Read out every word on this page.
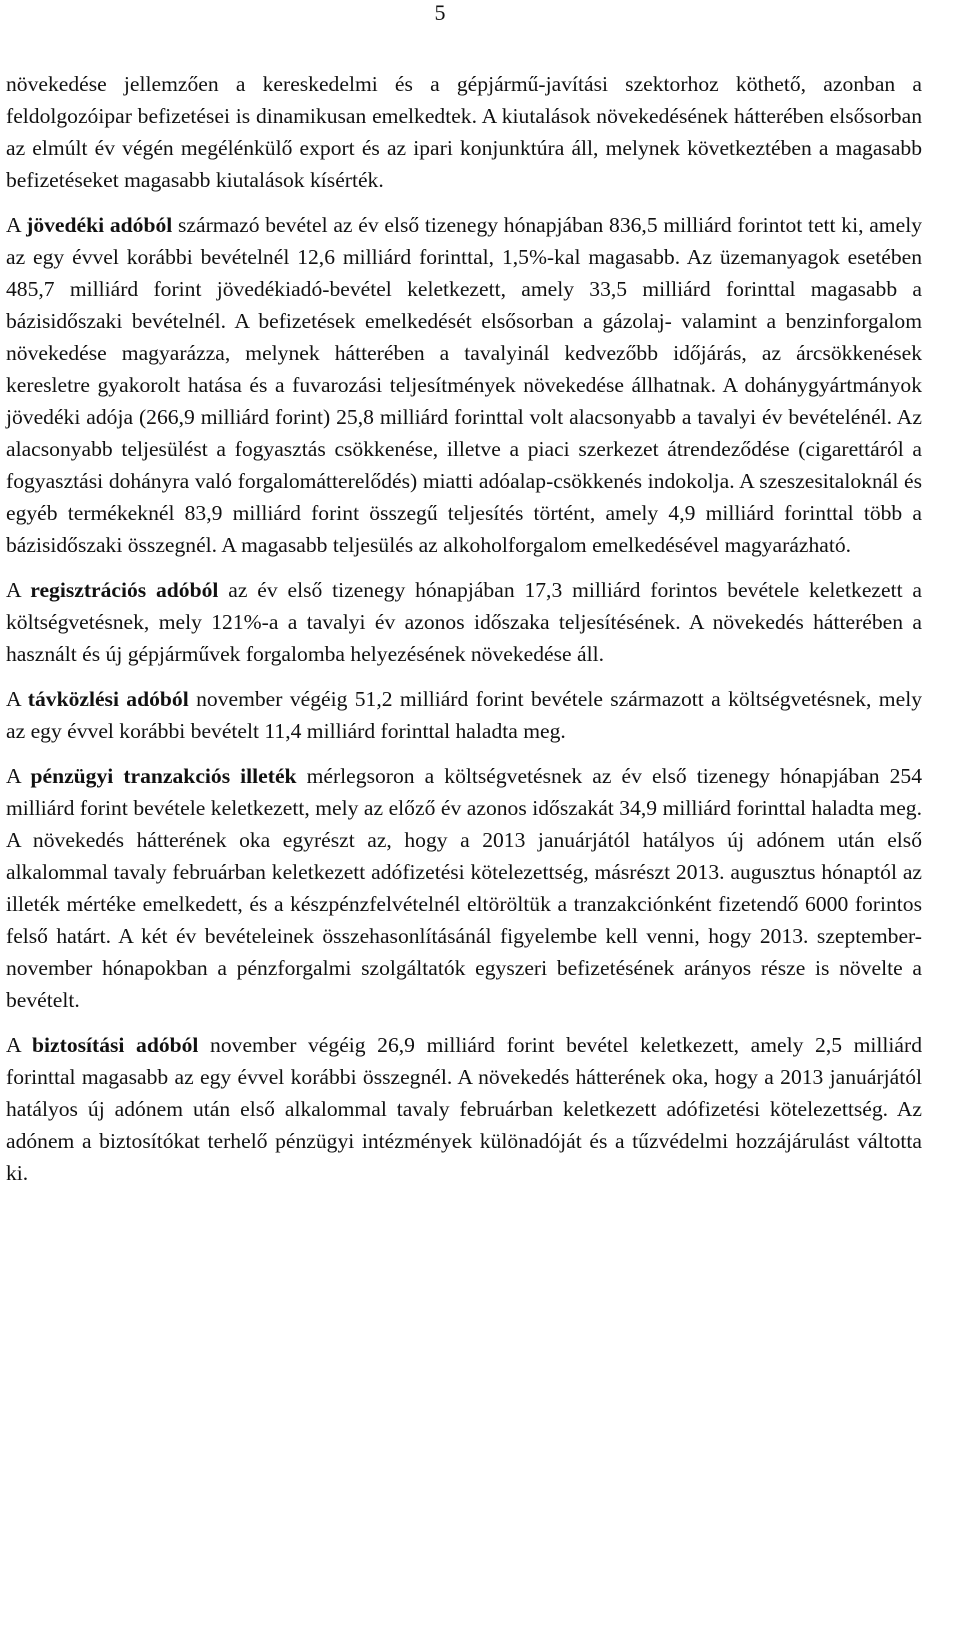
5

növekedése jellemzően a kereskedelmi és a gépjármű-javítási szektorhoz köthető, azonban a feldolgozóipar befizetései is dinamikusan emelkedtek. A kiutalások növekedésének hátterében elsősorban az elmúlt év végén megélénkülő export és az ipari konjunktúra áll, melynek következtében a magasabb befizetéseket magasabb kiutalások kísérték.

A jövedéki adóból származó bevétel az év első tizenegy hónapjában 836,5 milliárd forintot tett ki, amely az egy évvel korábbi bevételnél 12,6 milliárd forinttal, 1,5%-kal magasabb. Az üzemanyagok esetében 485,7 milliárd forint jövedékiadó-bevétel keletkezett, amely 33,5 milliárd forinttal magasabb a bázisidőszaki bevételnél. A befizetések emelkedését elsősorban a gázolaj- valamint a benzinforgalom növekedése magyarázza, melynek hátterében a tavalyinál kedvezőbb időjárás, az árcsökkenések keresletre gyakorolt hatása és a fuvarozási teljesítmények növekedése állhatnak. A dohánygyártmányok jövedéki adója (266,9 milliárd forint) 25,8 milliárd forinttal volt alacsonyabb a tavalyi év bevételénél. Az alacsonyabb teljesülést a fogyasztás csökkenése, illetve a piaci szerkezet átrendeződése (cigarettáról a fogyasztási dohányra való forgalomátterelődés) miatti adóalap-csökkenés indokolja. A szeszesitaloknál és egyéb termékeknél 83,9 milliárd forint összegű teljesítés történt, amely 4,9 milliárd forinttal több a bázisidőszaki összegnél. A magasabb teljesülés az alkoholforgalom emelkedésével magyarázható.

A regisztrációs adóból az év első tizenegy hónapjában 17,3 milliárd forintos bevétele keletkezett a költségvetésnek, mely 121%-a a tavalyi év azonos időszaka teljesítésének. A növekedés hátterében a használt és új gépjárművek forgalomba helyezésének növekedése áll.

A távközlési adóból november végéig 51,2 milliárd forint bevétele származott a költségvetésnek, mely az egy évvel korábbi bevételt 11,4 milliárd forinttal haladta meg.

A pénzügyi tranzakciós illeték mérlegsoron a költségvetésnek az év első tizenegy hónapjában 254 milliárd forint bevétele keletkezett, mely az előző év azonos időszakát 34,9 milliárd forinttal haladta meg. A növekedés hátterének oka egyrészt az, hogy a 2013 januárjától hatályos új adónem után első alkalommal tavaly februárban keletkezett adófizetési kötelezettség, másrészt 2013. augusztus hónaptól az illeték mértéke emelkedett, és a készpénzfelvételnél eltöröltük a tranzakciónként fizetendő 6000 forintos felső határt. A két év bevételeinek összehasonlításánál figyelembe kell venni, hogy 2013. szeptember-november hónapokban a pénzforgalmi szolgáltatók egyszeri befizetésének arányos része is növelte a bevételt.

A biztosítási adóból november végéig 26,9 milliárd forint bevétel keletkezett, amely 2,5 milliárd forinttal magasabb az egy évvel korábbi összegnél. A növekedés hátterének oka, hogy a 2013 januárjától hatályos új adónem után első alkalommal tavaly februárban keletkezett adófizetési kötelezettség. Az adónem a biztosítókat terhelő pénzügyi intézmények különadóját és a tűzvédelmi hozzájárulást váltotta ki.
